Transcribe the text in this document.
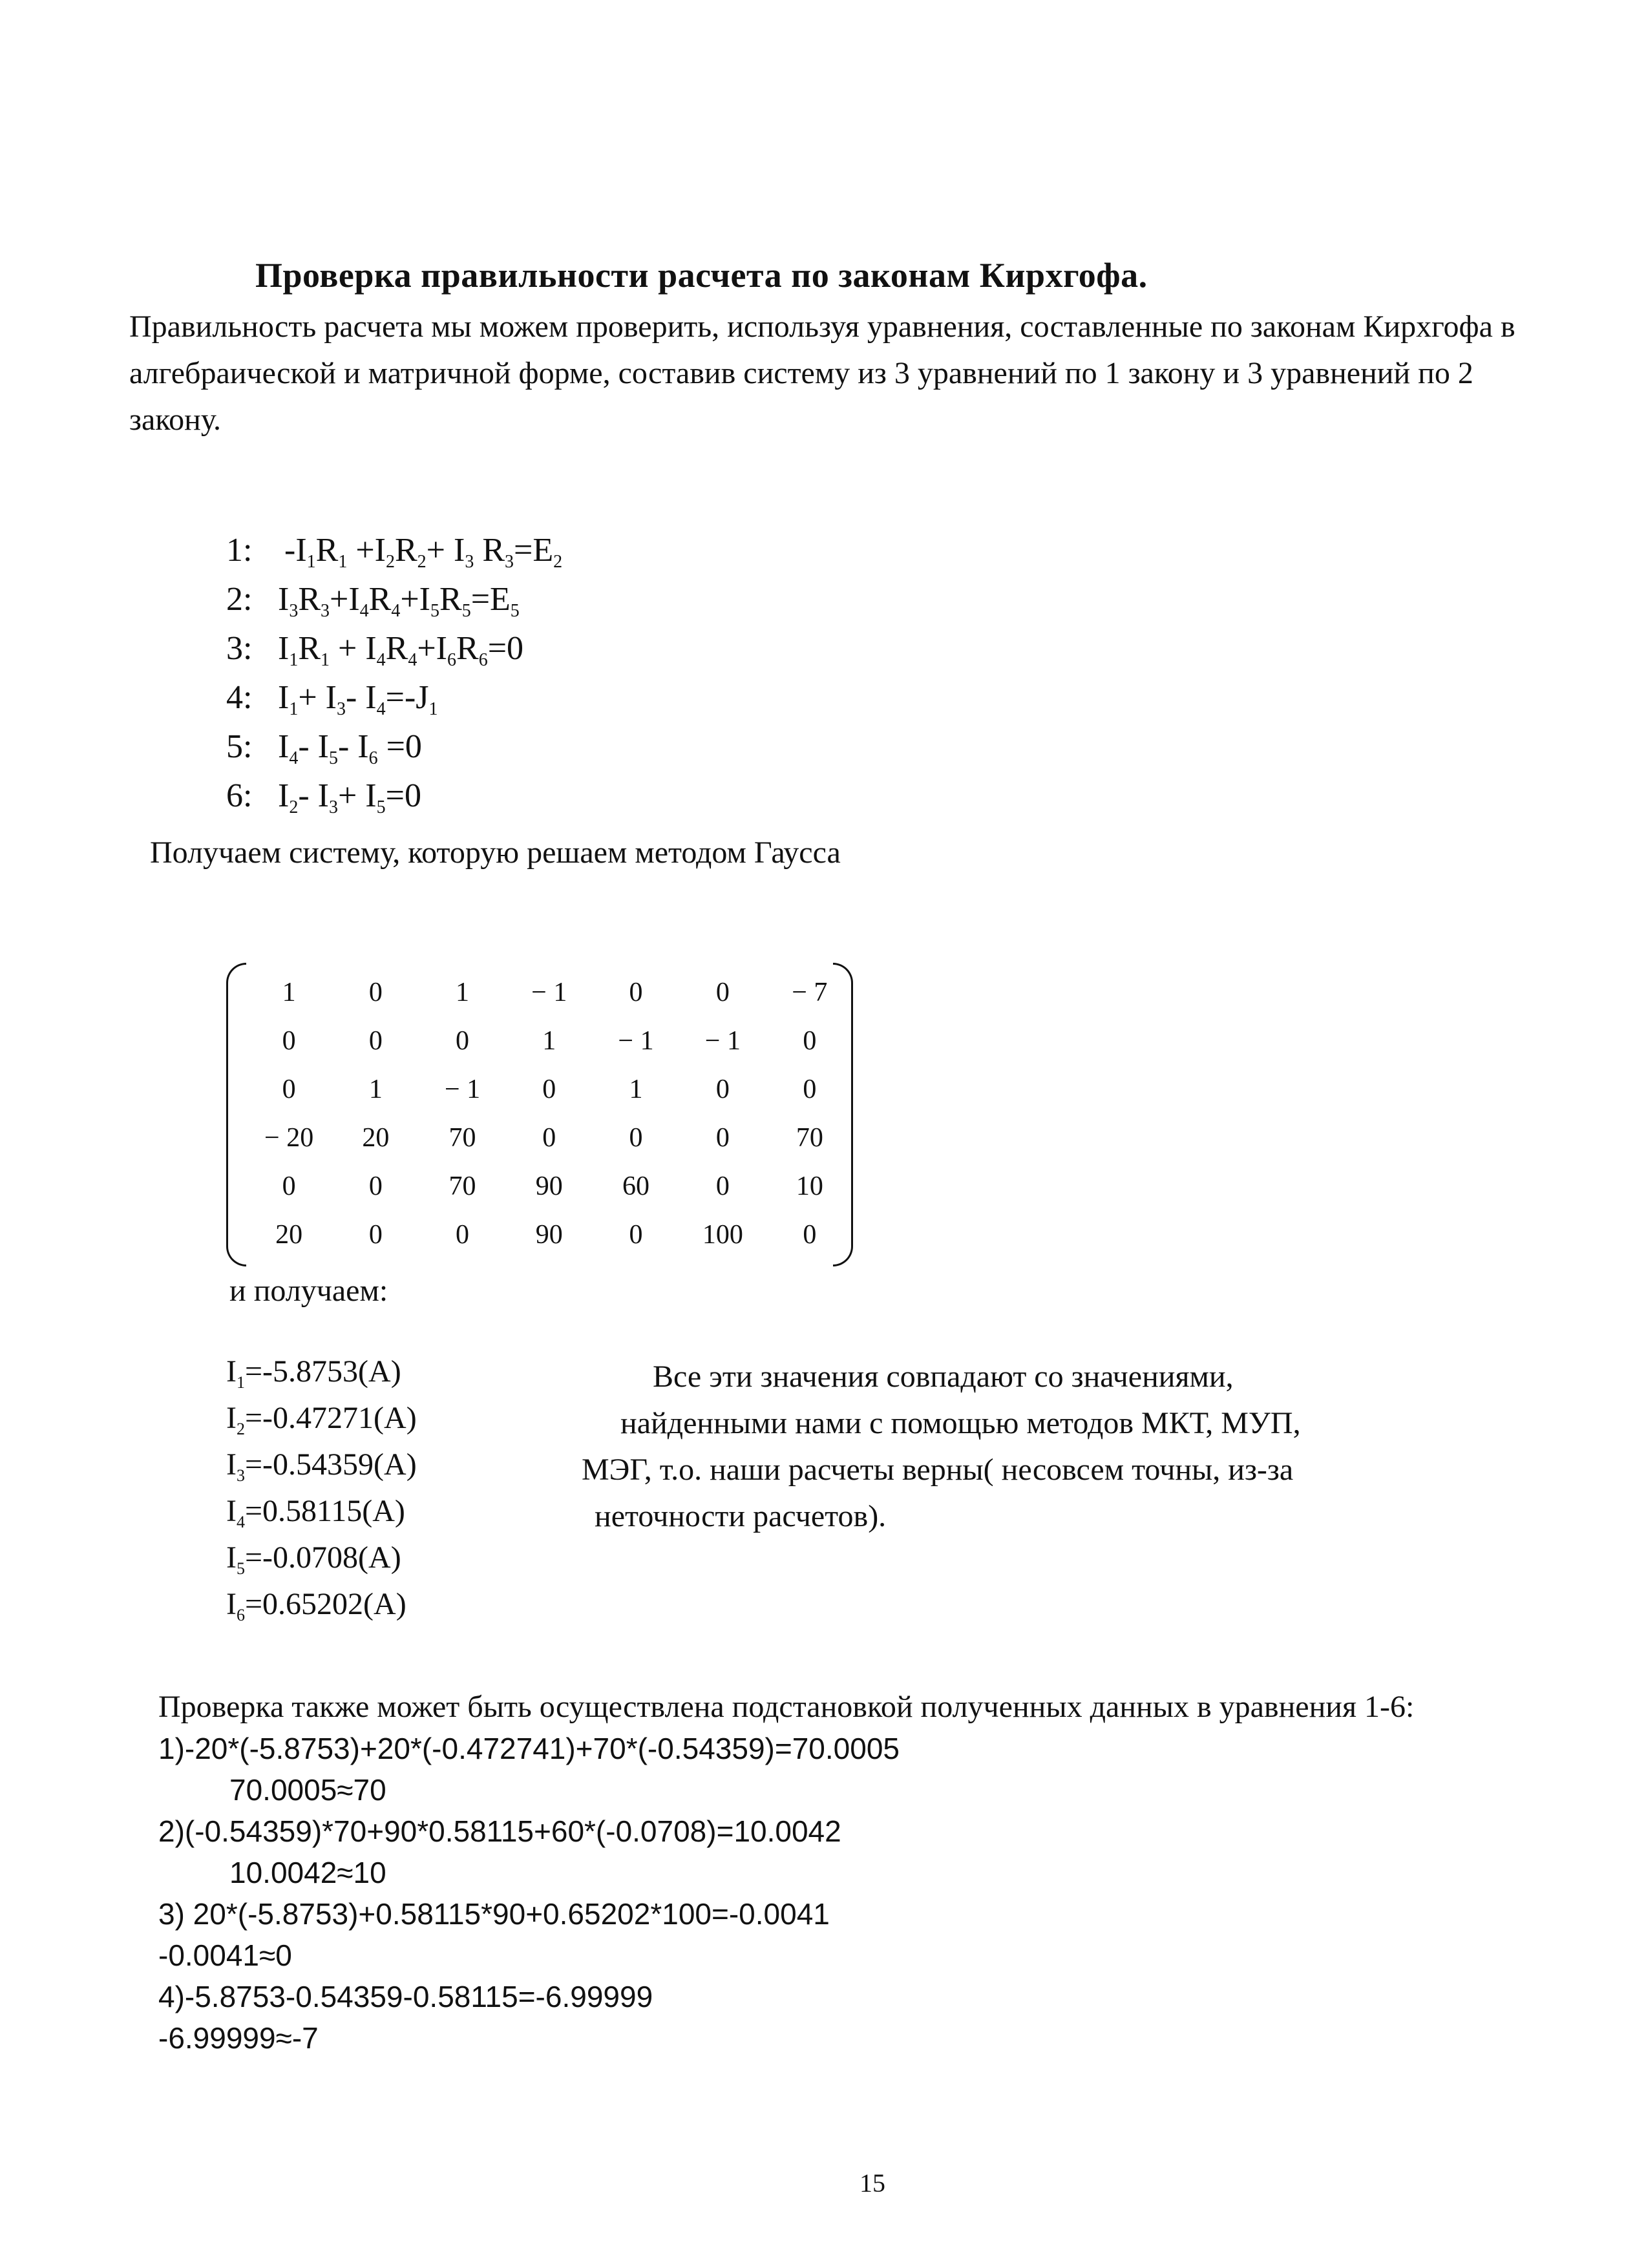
Проверка правильности расчета по законам Кирхгофа.
Правильность расчета мы можем проверить, используя уравнения, составленные по законам Кирхгофа в алгебраической и матричной форме, составив систему из 3 уравнений по 1 закону и 3 уравнений по 2 закону.
1: $-I_1R_1 +I_2R_2+ I_3$ $R_3=E_2$
2: $I_3R_3+I_4R_4+I_5R_5=E_5$
3: $I_1R_1 + I_4R_4+I_6R_6=0$
4: $I_1+ I_3-$ $I_4=-J_1$
5: $I_4-$ $I_5-$ $I_6 =0$
6: $I_2-$ $I_3+ I_5=0$
Получаем систему, которую решаем методом Гаусса
1	0	1	− 1	0	0	− 7
0	0	0	1	− 1	− 1	0
0	1	− 1	0	1	0	0
− 20	20	70	0	0	0	70
0	0	70	90	60	0	10
20	0	0	90	0	100	0
и получаем:
$I_1=-5.8753(A)$
$I_2=-0.47271(A)$
$I_3=-0.54359(A)$
$I_4=0.58115(A)$
$I_5=-0.0708(A)$
$I_6=0.65202(A)$
Все эти значения совпадают со значениями,
найденными нами с помощью методов МКТ, МУП,
МЭГ, т.о. наши расчеты верны( несовсем точны, из-за
неточности расчетов).
Проверка также может быть осуществлена подстановкой полученных данных в уравнения 1-6:
1)-20*(-5.8753)+20*(-0.472741)+70*(-0.54359)=70.0005
70.0005≈70
2)(-0.54359)*70+90*0.58115+60*(-0.0708)=10.0042
10.0042≈10
3) 20*(-5.8753)+0.58115*90+0.65202*100=-0.0041
-0.0041≈0
4)-5.8753-0.54359-0.58115=-6.99999
-6.99999≈-7
15
